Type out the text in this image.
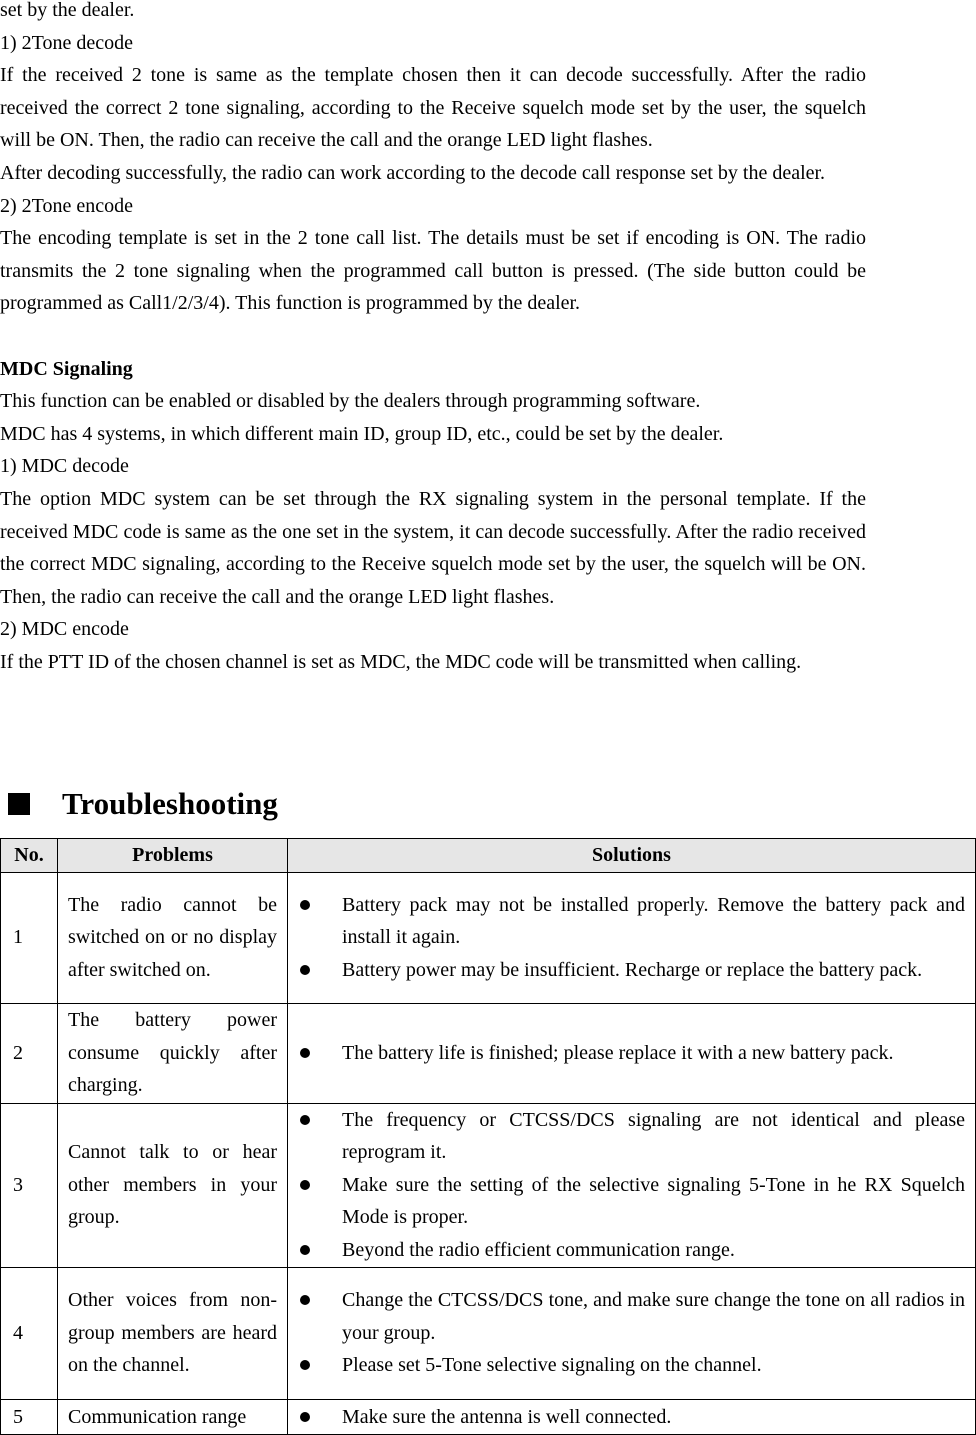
set by the dealer.

1) 2Tone decode

If the received 2 tone is same as the template chosen then it can decode successfully. After the radio received the correct 2 tone signaling, according to the Receive squelch mode set by the user, the squelch will be ON. Then, the radio can receive the call and the orange LED light flashes.

After decoding successfully, the radio can work according to the decode call response set by the dealer.

2) 2Tone encode

The encoding template is set in the 2 tone call list. The details must be set if encoding is ON. The radio transmits the 2 tone signaling when the programmed call button is pressed. (The side button could be programmed as Call1/2/3/4). This function is programmed by the dealer.

MDC Signaling

This function can be enabled or disabled by the dealers through programming software.

MDC has 4 systems, in which different main ID, group ID, etc., could be set by the dealer.

1) MDC decode

The option MDC system can be set through the RX signaling system in the personal template. If the received MDC code is same as the one set in the system, it can decode successfully. After the radio received the correct MDC signaling, according to the Receive squelch mode set by the user, the squelch will be ON. Then, the radio can receive the call and the orange LED light flashes.

2) MDC encode

If the PTT ID of the chosen channel is set as MDC, the MDC code will be transmitted when calling.

Troubleshooting
No.	Problems	Solutions
1	The radio cannot be switched on or no display after switched on.	Battery pack may not be installed properly. Remove the battery pack and install it again.
Battery power may be insufficient. Recharge or replace the battery pack.

2	The battery power consume quickly after charging.	The battery life is finished; please replace it with a new battery pack.

3	Cannot talk to or hear other members in your group.	The frequency or CTCSS/DCS signaling are not identical and please reprogram it.
Make sure the setting of the selective signaling 5-Tone in he RX Squelch Mode is proper.
Beyond the radio efficient communication range.

4	Other voices from non-group members are heard on the channel.	Change the CTCSS/DCS tone, and make sure change the tone on all radios in your group.
Please set 5-Tone selective signaling on the channel.

5	Communication range	Make sure the antenna is well connected.
